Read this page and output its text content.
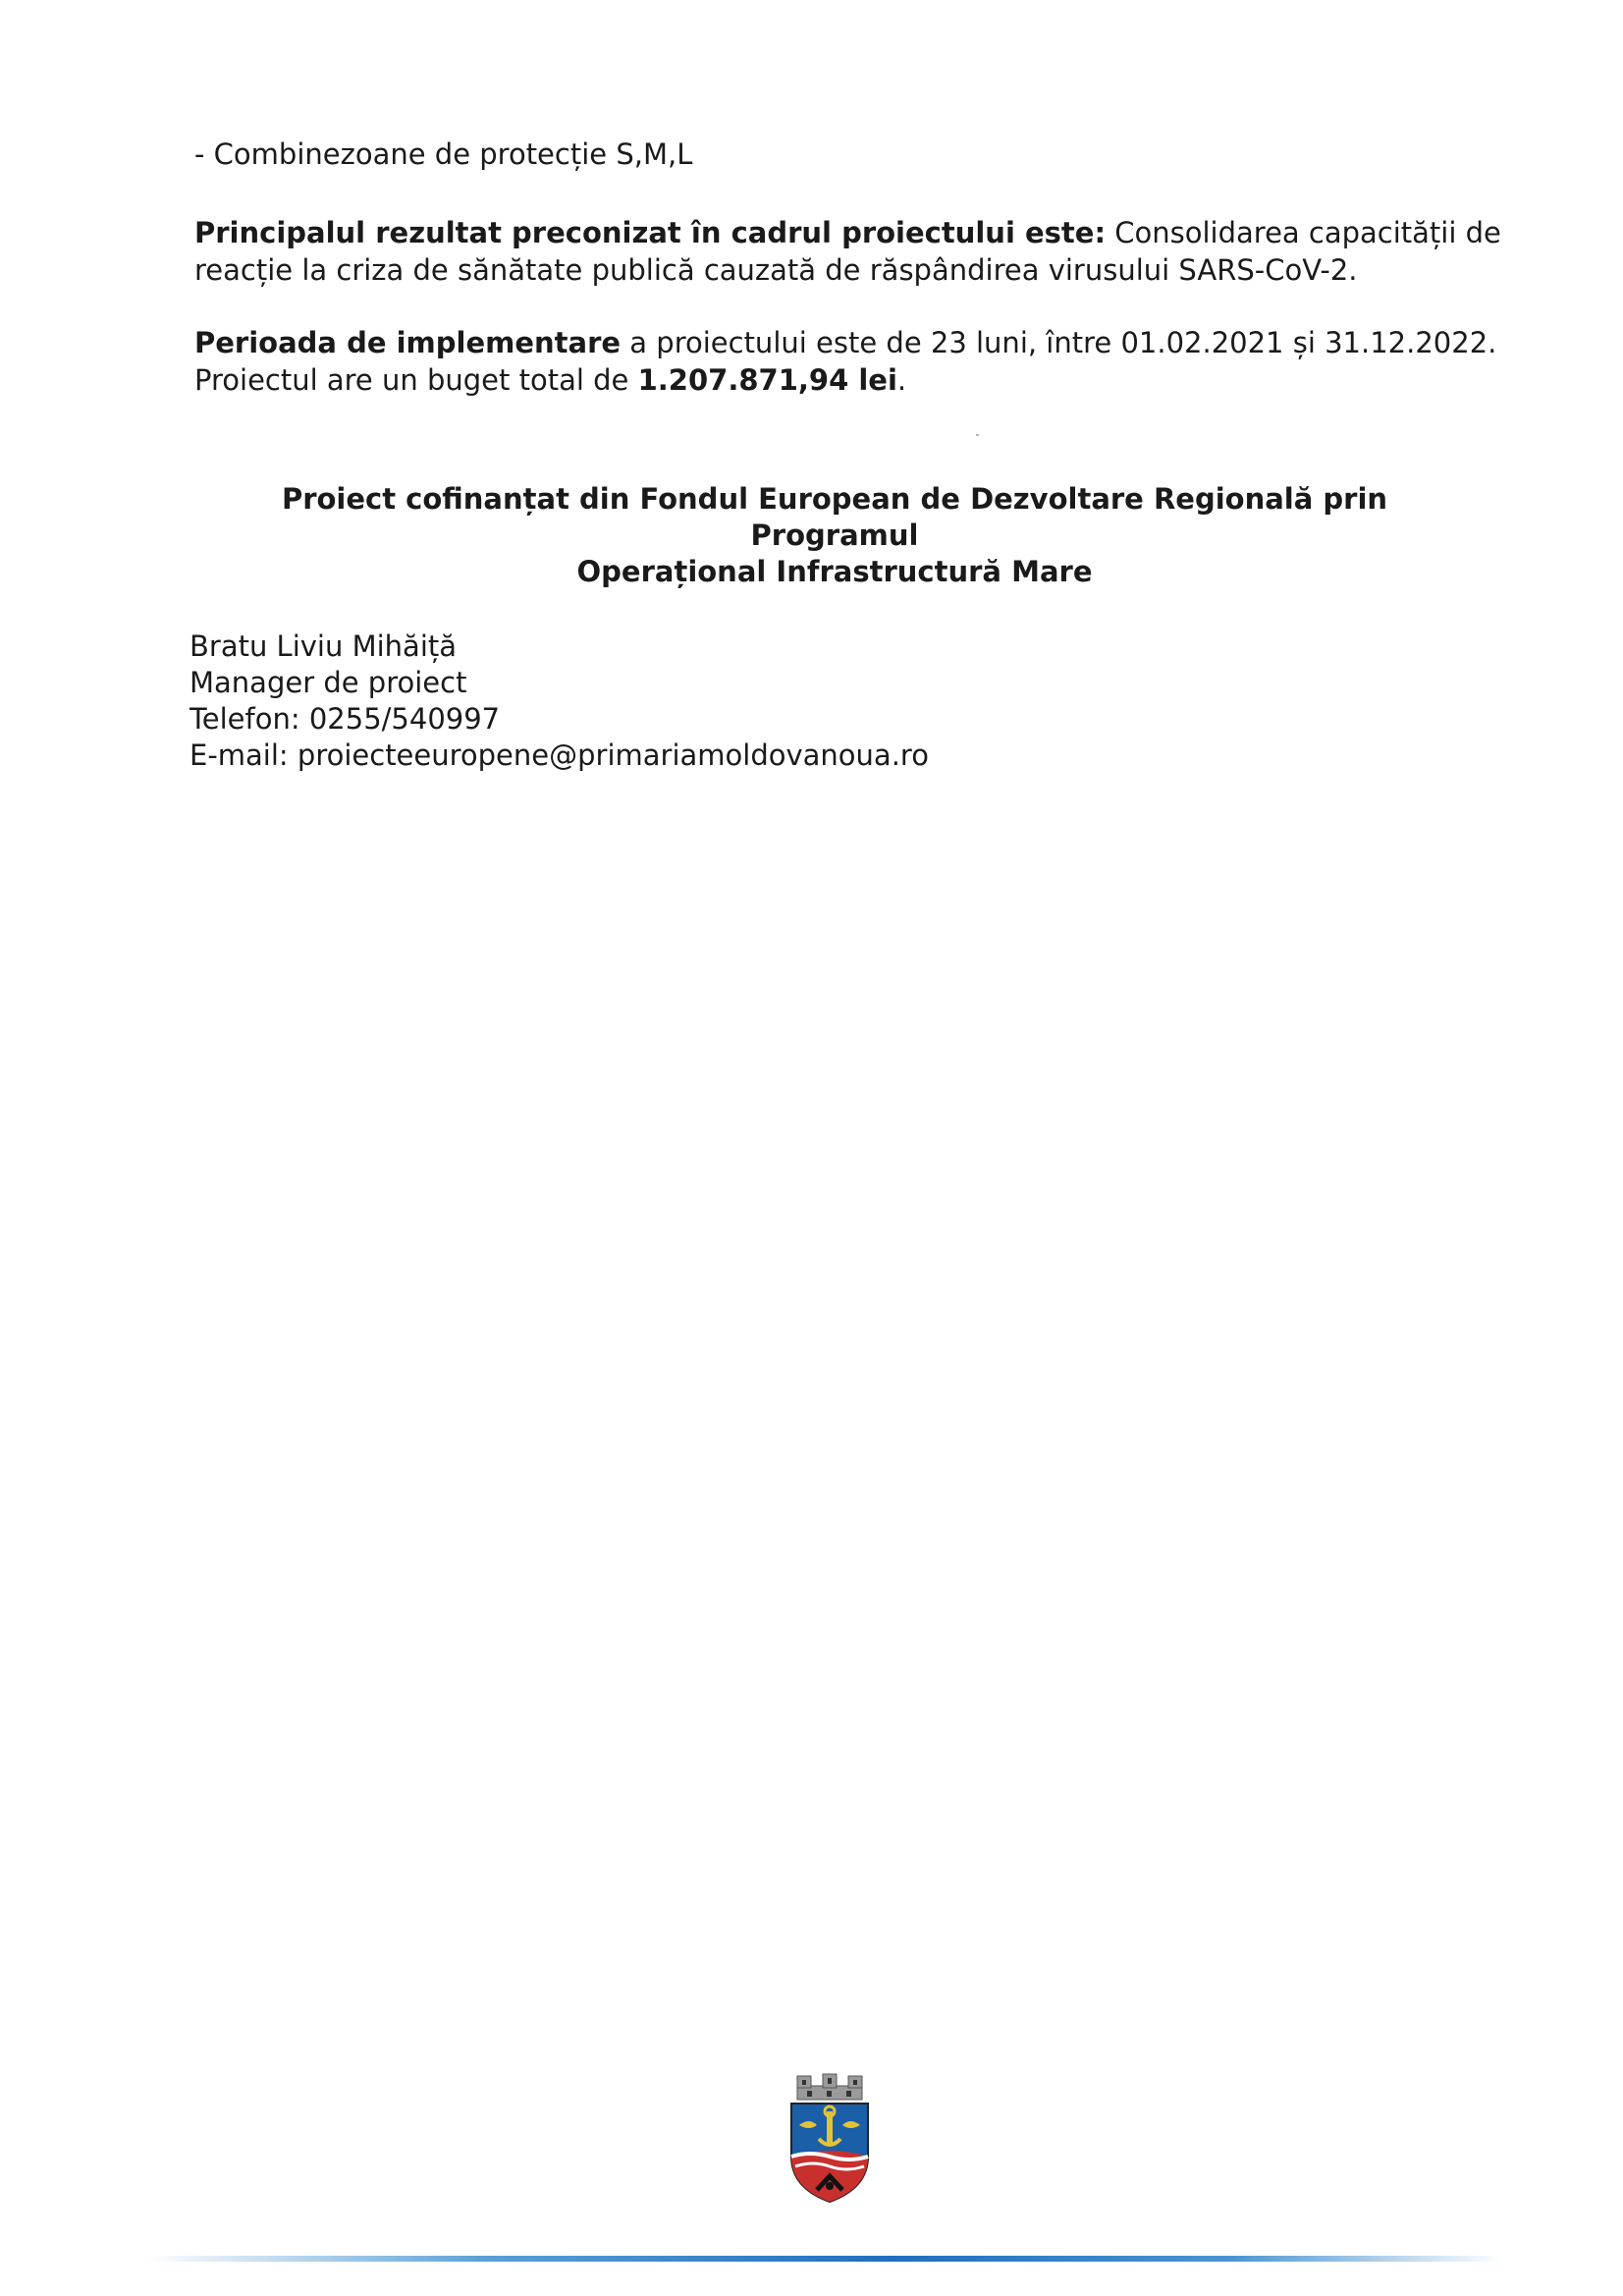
- Combinezoane de protecție S,M,L

Principalul rezultat preconizat în cadrul proiectului este: Consolidarea capacității de reacție la criza de sănătate publică cauzată de răspândirea virusului SARS-CoV-2.

Perioada de implementare a proiectului este de 23 luni, între 01.02.2021 și 31.12.2022. Proiectul are un buget total de 1.207.871,94 lei.

Proiect cofinanțat din Fondul European de Dezvoltare Regională prin Programul
Operațional Infrastructură Mare
Bratu Liviu Mihăiță
Manager de proiect
Telefon: 0255/540997
E-mail: proiecteeuropene@primariamoldovanoua.ro
